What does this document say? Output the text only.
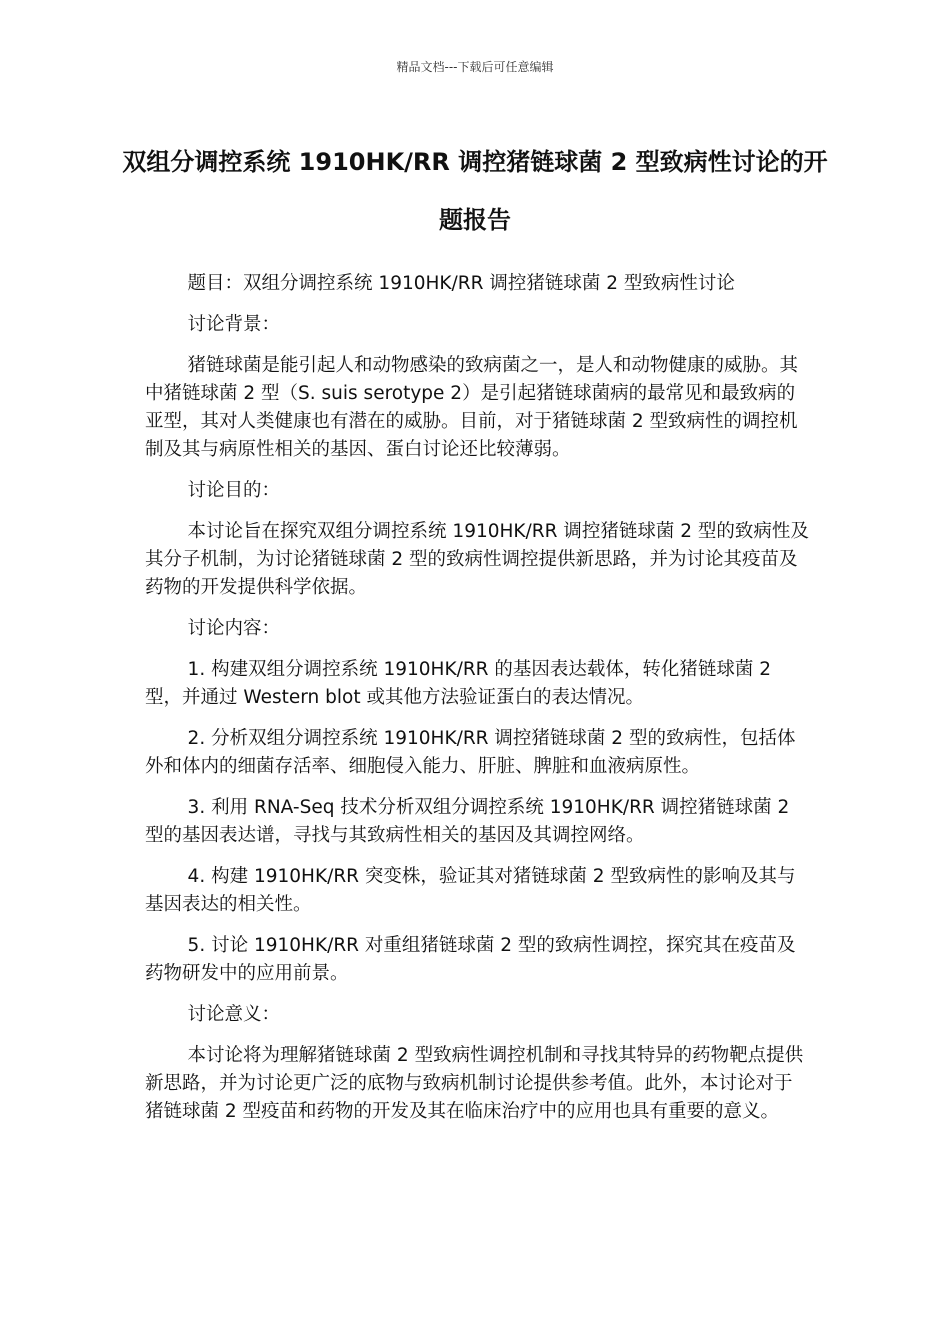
精品文档---下载后可任意编辑
双组分调控系统 1910HK/RR 调控猪链球菌 2 型致病性讨论的开题报告

题目：双组分调控系统 1910HK/RR 调控猪链球菌 2 型致病性讨论

讨论背景：

猪链球菌是能引起人和动物感染的致病菌之一，是人和动物健康的威胁。其中猪链球菌 2 型（S. suis serotype 2）是引起猪链球菌病的最常见和最致病的亚型，其对人类健康也有潜在的威胁。目前，对于猪链球菌 2 型致病性的调控机制及其与病原性相关的基因、蛋白讨论还比较薄弱。

讨论目的：

本讨论旨在探究双组分调控系统 1910HK/RR 调控猪链球菌 2 型的致病性及其分子机制，为讨论猪链球菌 2 型的致病性调控提供新思路，并为讨论其疫苗及药物的开发提供科学依据。

讨论内容：

1. 构建双组分调控系统 1910HK/RR 的基因表达载体，转化猪链球菌 2 型，并通过 Western blot 或其他方法验证蛋白的表达情况。

2. 分析双组分调控系统 1910HK/RR 调控猪链球菌 2 型的致病性，包括体外和体内的细菌存活率、细胞侵入能力、肝脏、脾脏和血液病原性。

3. 利用 RNA-Seq 技术分析双组分调控系统 1910HK/RR 调控猪链球菌 2 型的基因表达谱，寻找与其致病性相关的基因及其调控网络。

4. 构建 1910HK/RR 突变株，验证其对猪链球菌 2 型致病性的影响及其与基因表达的相关性。

5. 讨论 1910HK/RR 对重组猪链球菌 2 型的致病性调控，探究其在疫苗及药物研发中的应用前景。

讨论意义：

本讨论将为理解猪链球菌 2 型致病性调控机制和寻找其特异的药物靶点提供新思路，并为讨论更广泛的底物与致病机制讨论提供参考值。此外，本讨论对于猪链球菌 2 型疫苗和药物的开发及其在临床治疗中的应用也具有重要的意义。
